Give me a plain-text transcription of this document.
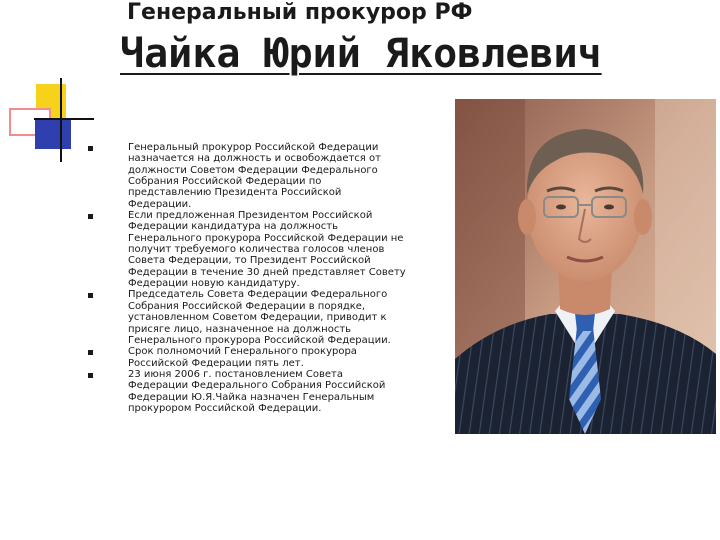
Генеральный прокурор РФ
Чайка Юрий Яковлевич
Генеральный прокурор Российской Федерации назначается на должность и освобождается от должности Советом Федерации Федерального Собрания Российской Федерации по представлению Президента Российской Федерации.
Если предложенная Президентом Российской Федерации кандидатура на должность Генерального прокурора Российской Федерации не получит требуемого количества голосов членов Совета Федерации, то Президент Российской Федерации в течение 30 дней представляет Совету Федерации новую кандидатуру.
Председатель Совета Федерации Федерального Собрания Российской Федерации в порядке, установленном Советом Федерации, приводит к присяге лицо, назначенное на должность Генерального прокурора Российской Федерации.
Срок полномочий Генерального прокурора Российской Федерации пять лет.
23 июня 2006 г. постановлением Совета Федерации Федерального Собрания Российской Федерации Ю.Я.Чайка назначен Генеральным прокурором Российской Федерации.
